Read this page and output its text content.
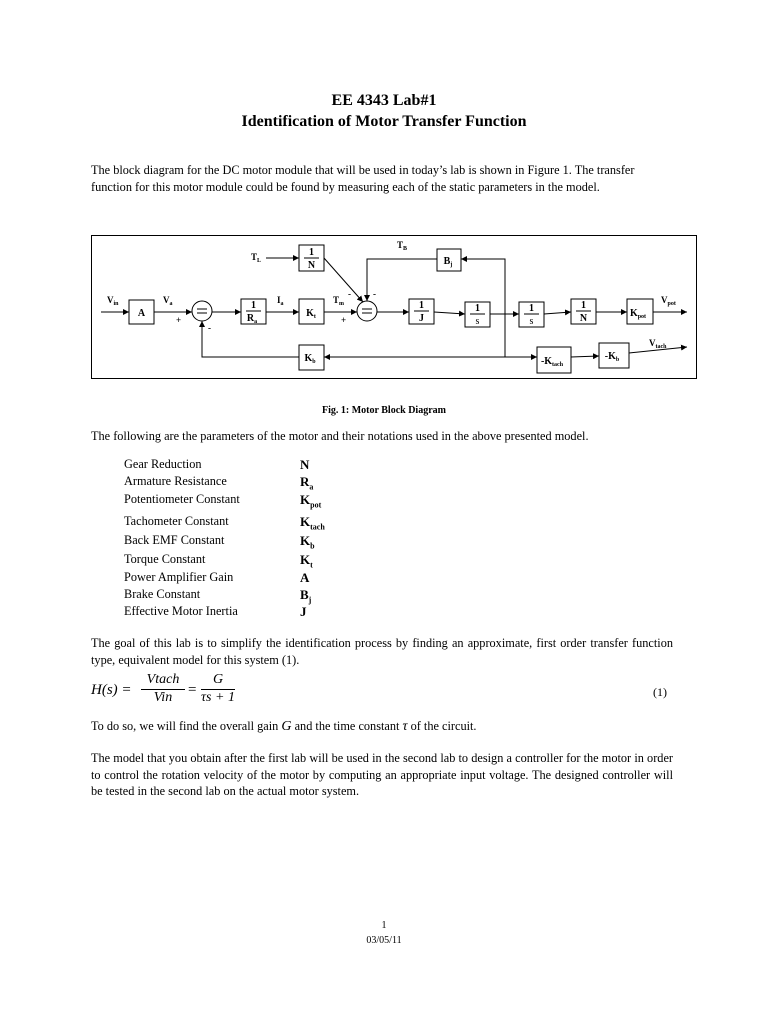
EE 4343 Lab#1
Identification of Motor Transfer Function
The block diagram for the DC motor module that will be used in today’s lab is shown in Figure 1. The transfer function for this motor module could be found by measuring each of the static parameters in the model.
A
1
$R_a$
$K_t$
1
N	$B_j$
1
J
1
s
1
s
1
N	$K_{pot}$
$K_b$	$-K_{tach}$
$-K_b$
$V_{in}$	$V_a$	$I_a$	$T_m$
$T_L$
$T_B$
$V_{pot}$
$V_{tach}$
+
-
+
- -
Fig. 1: Motor Block Diagram
The following are the parameters of the motor and their notations used in the above presented model.
Gear Reduction	N
Armature Resistance	$R_a$
Potentiometer Constant	$K_{pot}$
Tachometer Constant	$K_{tach}$
Back EMF Constant	$K_b$
Torque Constant	$K_t$
Power Amplifier Gain	A
Brake Constant	$B_j$
Effective Motor Inertia	J
The goal of this lab is to simplify the identification process by finding an approximate, first order transfer function type, equivalent model for this system (1).
H(s) =
Vtach
Vin	= $\frac{G}{\tau s + 1}$	(1)
To do so, we will find the overall gain G and the time constant τ of the circuit.
The model that you obtain after the first lab will be used in the second lab to design a controller for the motor in order to control the rotation velocity of the motor by computing an appropriate input voltage. The designed controller will be tested in the second lab on the actual motor system.
1
03/05/11
